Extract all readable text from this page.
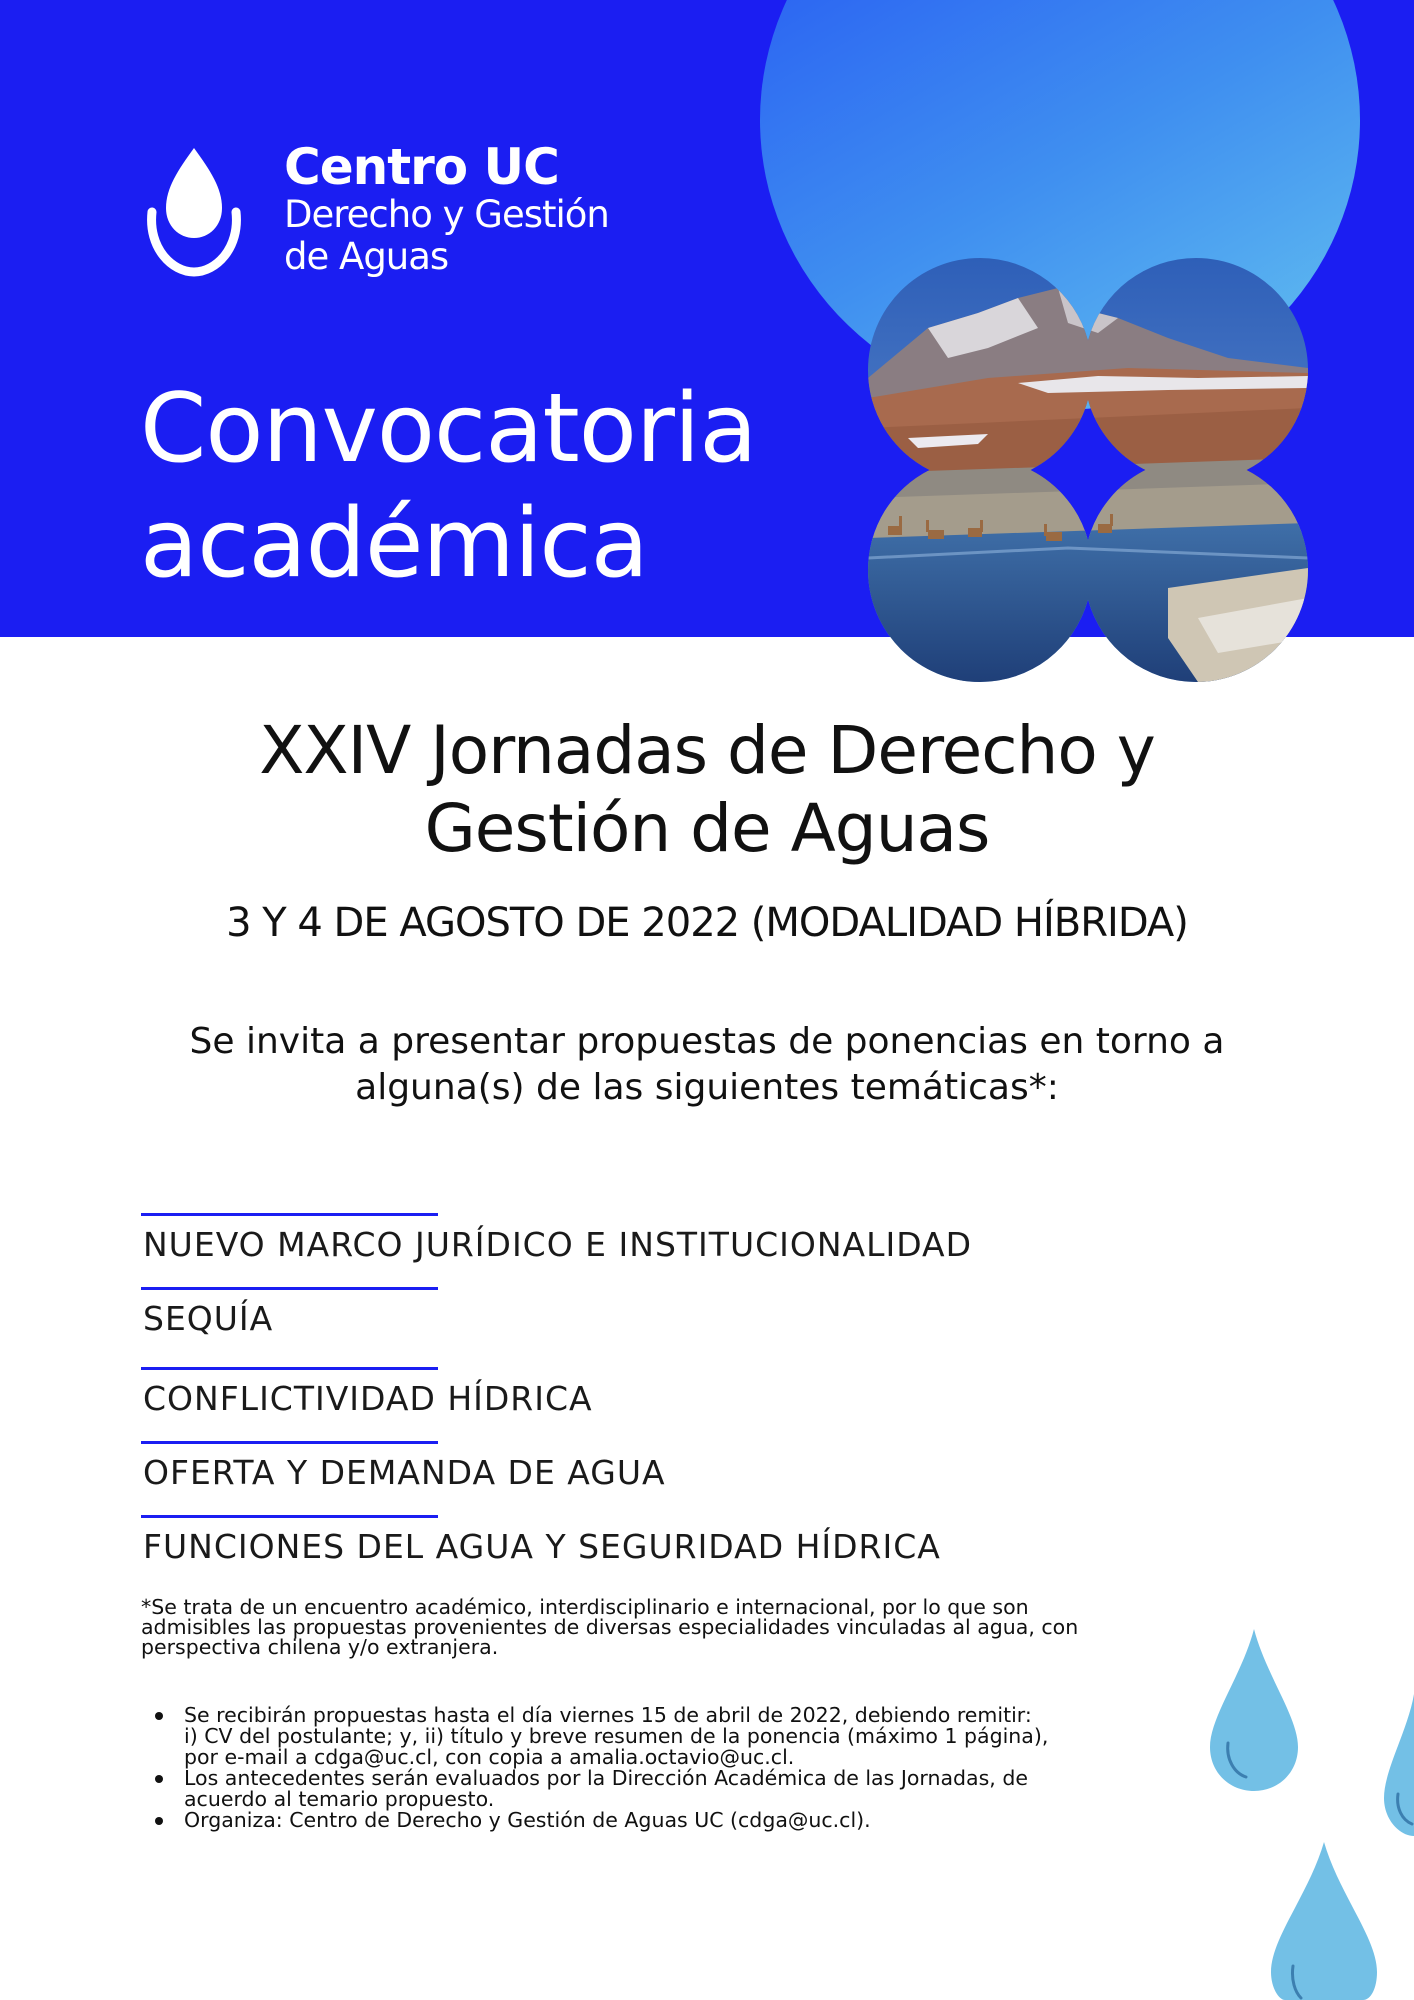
Centro UC
Derecho y Gestión
de Aguas
Convocatoria
académica
XXIV Jornadas de Derecho y
Gestión de Aguas
3 Y 4 DE AGOSTO DE 2022 (MODALIDAD HÍBRIDA)
Se invita a presentar propuestas de ponencias en torno a
alguna(s) de las siguientes temáticas*:
NUEVO MARCO JURÍDICO E INSTITUCIONALIDAD
SEQUÍA
CONFLICTIVIDAD HÍDRICA
OFERTA Y DEMANDA DE AGUA
FUNCIONES DEL AGUA Y SEGURIDAD HÍDRICA
*Se trata de un encuentro académico, interdisciplinario e internacional, por lo que son
admisibles las propuestas provenientes de diversas especialidades vinculadas al agua, con
perspectiva chilena y/o extranjera.
Se recibirán propuestas hasta el día viernes 15 de abril de 2022, debiendo remitir:
i) CV del postulante; y, ii) título y breve resumen de la ponencia (máximo 1 página),
por e-mail a cdga@uc.cl, con copia a amalia.octavio@uc.cl.
Los antecedentes serán evaluados por la Dirección Académica de las Jornadas, de
acuerdo al temario propuesto.
Organiza: Centro de Derecho y Gestión de Aguas UC (cdga@uc.cl).
